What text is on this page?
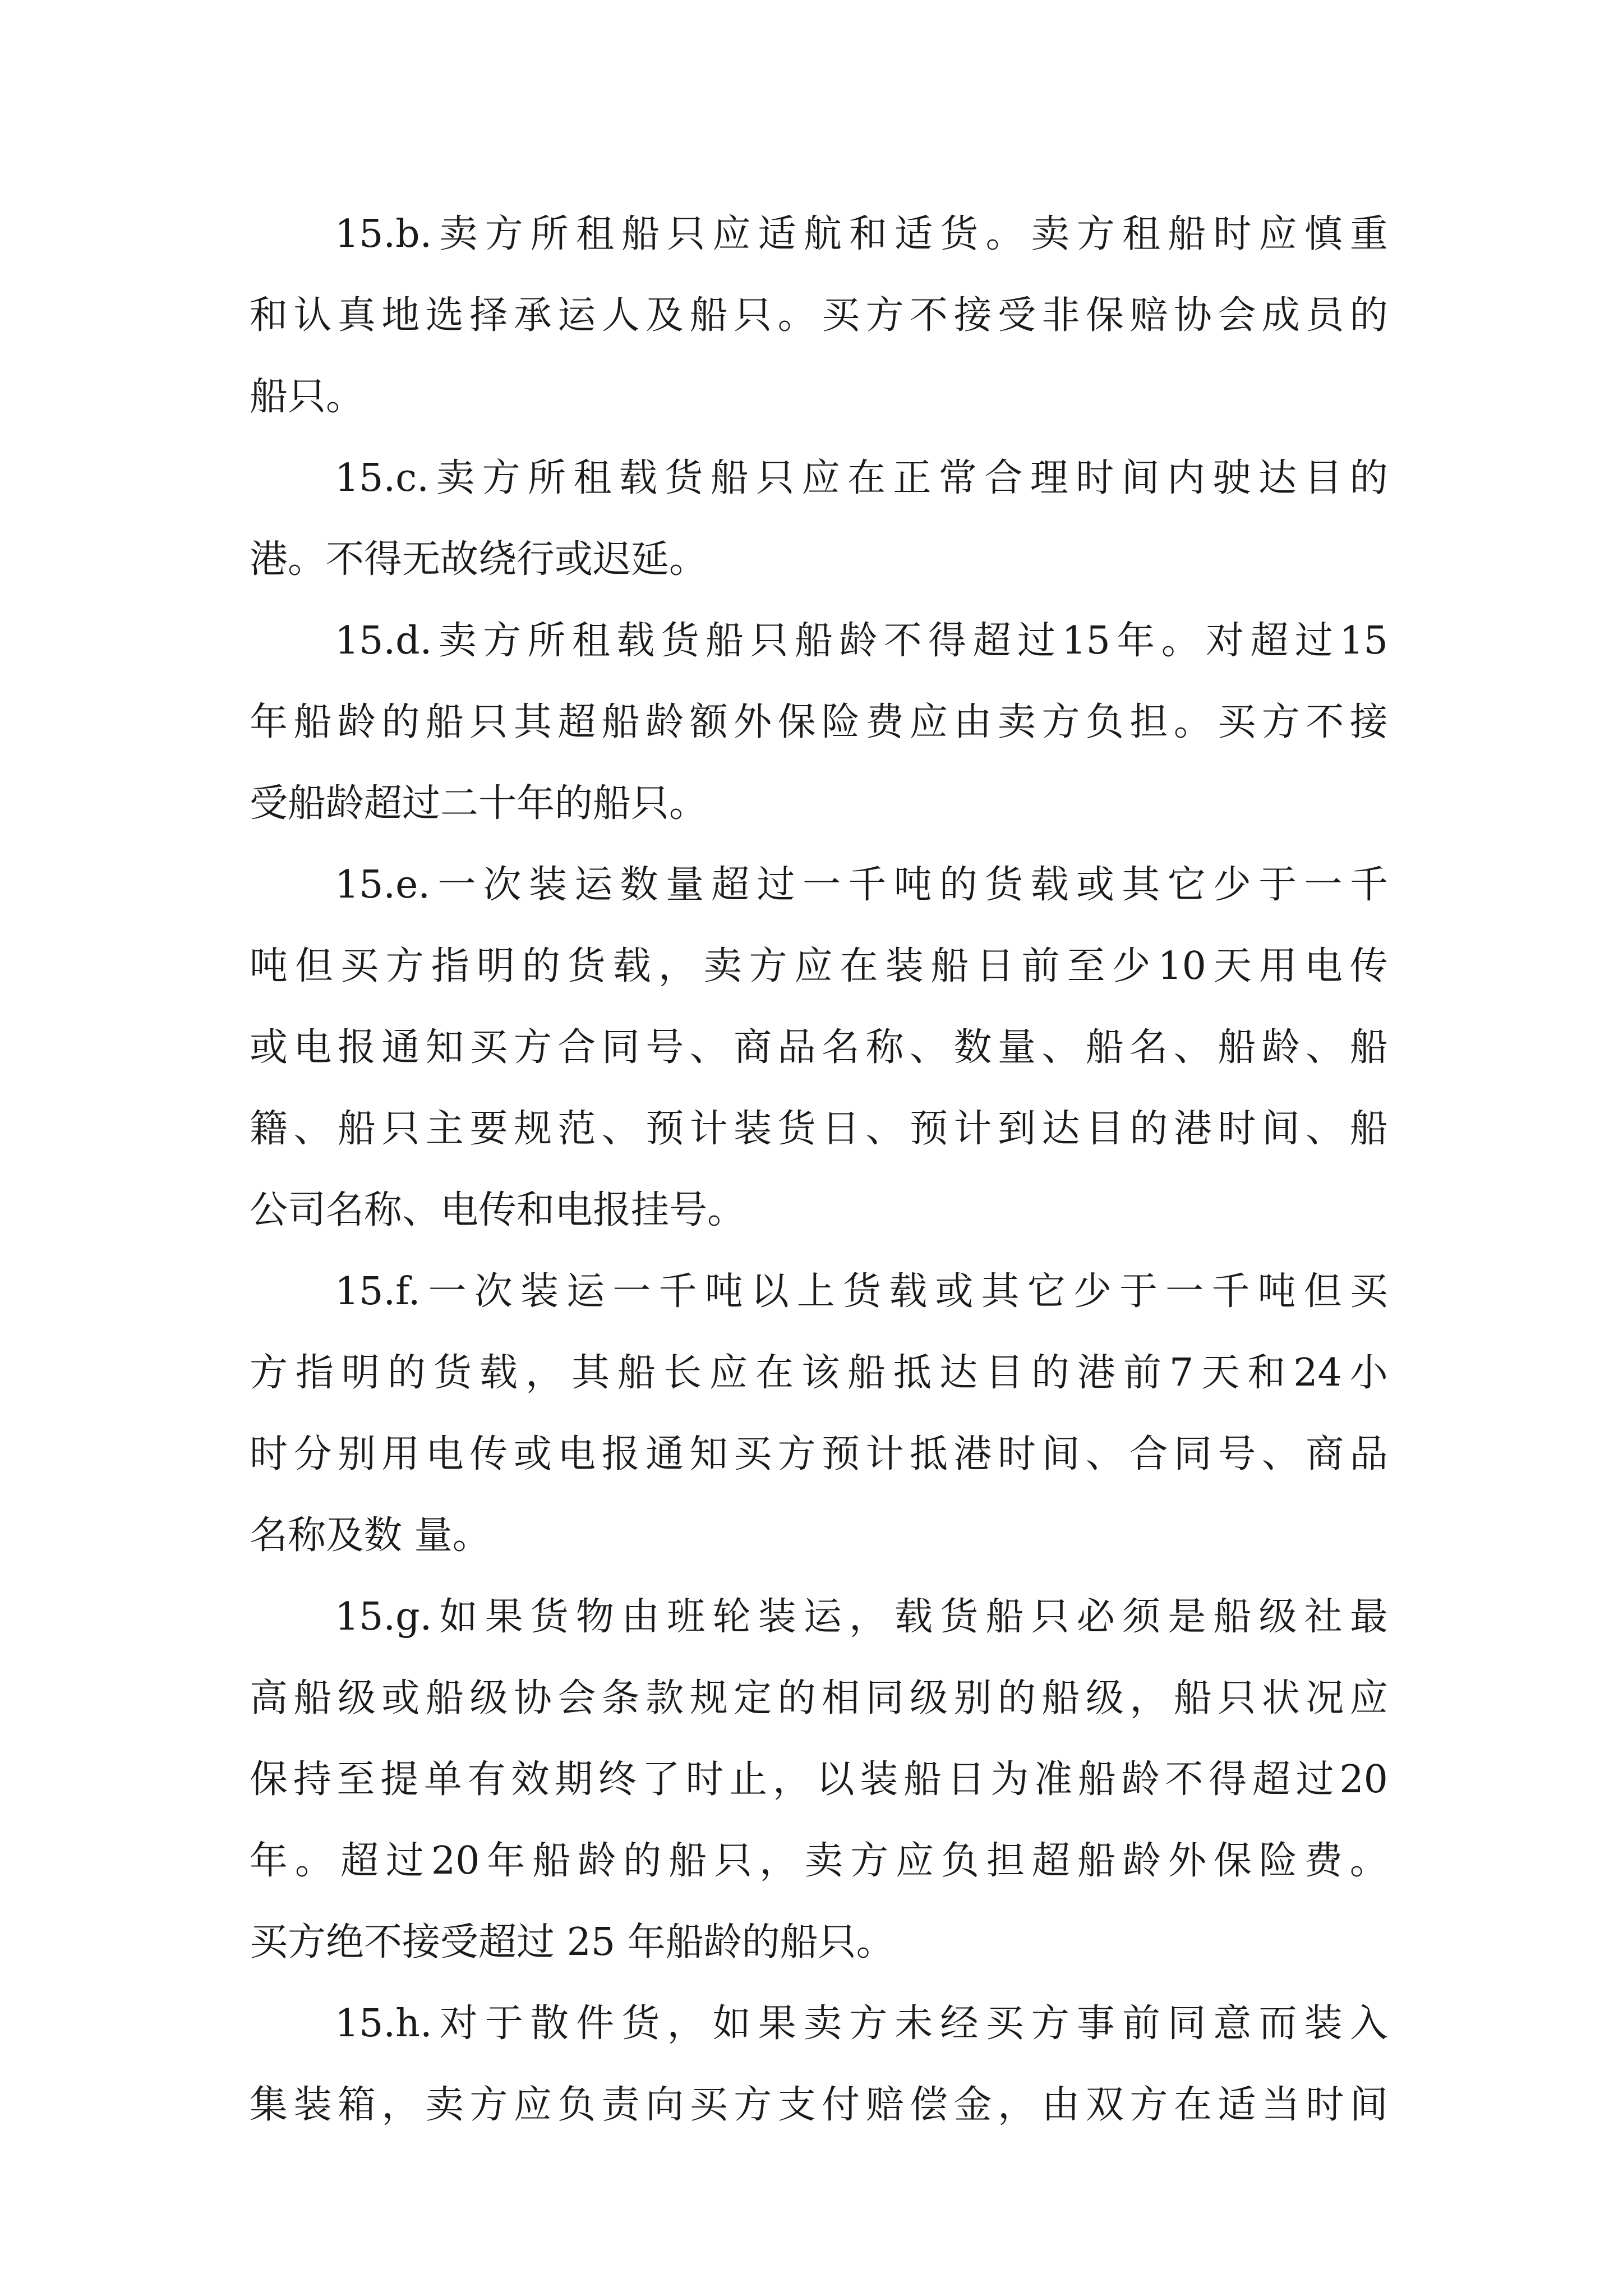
15.b. 卖 方 所 租 船 只 应 适 航 和 适 货 。 卖 方 租 船 时 应 慎 重
和 认 真 地 选 择 承 运 人 及 船 只 。 买 方 不 接 受 非 保 赔 协 会 成 员 的
船只。
15.c. 卖 方 所 租 载 货 船 只 应 在 正 常 合 理 时 间 内 驶 达 目 的
港。不得无故绕行或迟延。
15.d. 卖 方 所 租 载 货 船 只 船 龄 不 得 超 过 15 年 。 对 超 过 15
年 船 龄 的 船 只 其 超 船 龄 额 外 保 险 费 应 由 卖 方 负 担 。 买 方 不 接
受船龄超过二十年的船只。
15.e. 一 次 装 运 数 量 超 过 一 千 吨 的 货 载 或 其 它 少 于 一 千
吨 但 买 方 指 明 的 货 载 ， 卖 方 应 在 装 船 日 前 至 少 10 天 用 电 传
或 电 报 通 知 买 方 合 同 号 、 商 品 名 称 、 数 量 、 船 名 、 船 龄 、 船
籍 、 船 只 主 要 规 范 、 预 计 装 货 日 、 预 计 到 达 目 的 港 时 间 、 船
公司名称、电传和电报挂号。
15.f. 一 次 装 运 一 千 吨 以 上 货 载 或 其 它 少 于 一 千 吨 但 买
方 指 明 的 货 载 ， 其 船 长 应 在 该 船 抵 达 目 的 港 前 7 天 和 24 小
时 分 别 用 电 传 或 电 报 通 知 买 方 预 计 抵 港 时 间 、 合 同 号 、 商 品
名称及数 量。
15.g. 如 果 货 物 由 班 轮 装 运 ， 载 货 船 只 必 须 是 船 级 社 最
高 船 级 或 船 级 协 会 条 款 规 定 的 相 同 级 别 的 船 级 ， 船 只 状 况 应
保 持 至 提 单 有 效 期 终 了 时 止 ， 以 装 船 日 为 准 船 龄 不 得 超 过 20
年 。 超 过 20 年 船 龄 的 船 只 ， 卖 方 应 负 担 超 船 龄 外 保 险 费 。
买方绝不接受超过 25 年船龄的船只。
15.h. 对 于 散 件 货 ， 如 果 卖 方 未 经 买 方 事 前 同 意 而 装 入
集 装 箱 ， 卖 方 应 负 责 向 买 方 支 付 赔 偿 金 ， 由 双 方 在 适 当 时 间
